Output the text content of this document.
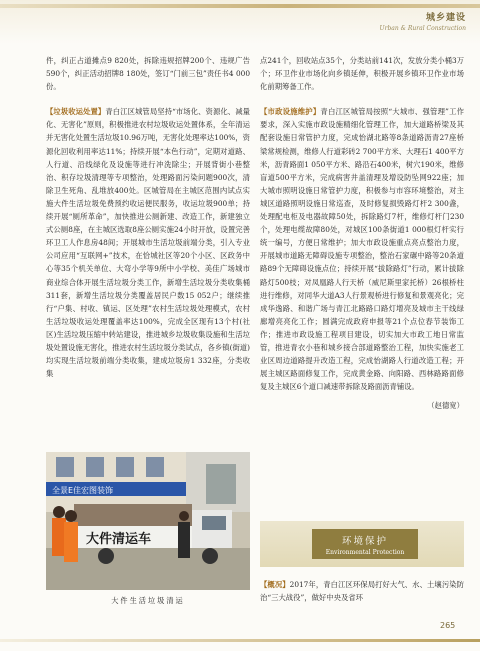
城乡建设
Urban & Rural Construction

件，纠正占道摊点9 820处，拆除违规招牌200个、违规广告590个，纠正活动招牌8 180处，签订“门前三包”责任书4 000份。

【垃圾收运处置】青白江区城管局坚持“市场化、资源化、减量化、无害化”原则，积极推进农村垃圾收运处置体系，全年清运并无害化处置生活垃圾10.96万吨，无害化处理率达100%，资源化回收利用率达11%；持续开展“本色行动”，定期对道路、人行道、沿线绿化及设施等进行冲洗除尘；开展背街小巷整治、积存垃圾清理等专项整治，处理路面污染问题900次，清除卫生死角、乱堆放400处。区城管局在主城区范围内试点实施大件生活垃圾免费预约收运便民服务，收运垃圾900单；持续开展“厕所革命”，加快推进公厕新建、改造工作，新建独立式公厕8座，在主城区选取8座公厕实施24小时开放，设置完善环卫工人作息房48间；开展城市生活垃圾前端分类，引入专业公司应用“互联网+”技术，在恰城社区等20个小区、区政务中心等35个机关单位、大弯小学等9所中小学校、美佳广场城市商业综合体开展生活垃圾分类工作，新增生活垃圾分类收集桶311套，新增生活垃圾分类覆盖居民户数15 052户；继续推行“户集、村收、镇运、区处理”农村生活垃圾处理模式，农村生活垃圾收运处理覆盖率达100%，完成全区现有13个村(社区)生活垃圾压缩中转站建设，推进城乡垃圾收集设施和生活垃圾处置设施无害化，推进农村生活垃圾分类试点，各乡镇(街道)均实现生活垃圾前端分类收集，建成垃圾房1 332座，分类收集

全景E佳宏图装饰
大件清运车
大件生活垃圾清运

点241个，回收站点35个，分类站前141次，发放分类小桶3万个；环卫作业市场化向乡镇延伸，积极开展乡镇环卫作业市场化前期筹备工作。

【市政设施维护】青白江区城管局按照“大城市、强管理”工作要求，深入实施市政设施精细化管理工作，加大道路桥梁及其配套设施日常管护力度，完成怡湖北路等8条道路沥青27座桥梁常规检测，维修人行道彩砖2 700平方米、大理石1 400平方米，沥青路面1 050平方米、路沿石400米，树穴190米，维修盲道500平方米，完成病害井盖清理及增设防坠网922座；加大城市照明设施日常管护力度，积极参与市容环境整治，对主城区道路照明设施日常巡查，及时修复损毁路灯杆2 300盏，处理配电柜及电器故障50处，拆除路灯7杆，维修灯杆门230个，处理电缆故障80处，对城区100条街道1 000根灯杆实行统一编号，方便日常维护；加大市政设施重点亮点整治力度，开展城市道路无障碍设施专项整治，整治石家碾中路等20条道路89个无障碍设施点位；持续开展“拔除路灯”行动，累计拔除路灯500枝；对凤凰路人行天桥（威尼斯里家托桥）26根桥柱进行维修，对同华大道A3人行景观桥进行修复和景观亮化；完成华逸路、和谐广场与青江北路路口路灯增亮及城市主干线绿廊增亮亮化工作；圆满完成政府申报等21个点位春节装饰工作；推进市政设施工程项目建设，切实加大市政工地日常监管，推进青衣小巷和城乡接合部道路整治工程，加快实施老工业区周边道路提升改造工程，完成怡湖路人行道改造工程；开展主城区路面修复工作，完成黄金路、向阳路、西林路路面修复及主城区6个道口减速带拆除及路面沥青铺设。

（赵德宽）

环境保护
Environmental Protection

【概况】2017年，青白江区环保局打好大气、水、土壤污染防治“三大战役”，做好中央及省环

265
